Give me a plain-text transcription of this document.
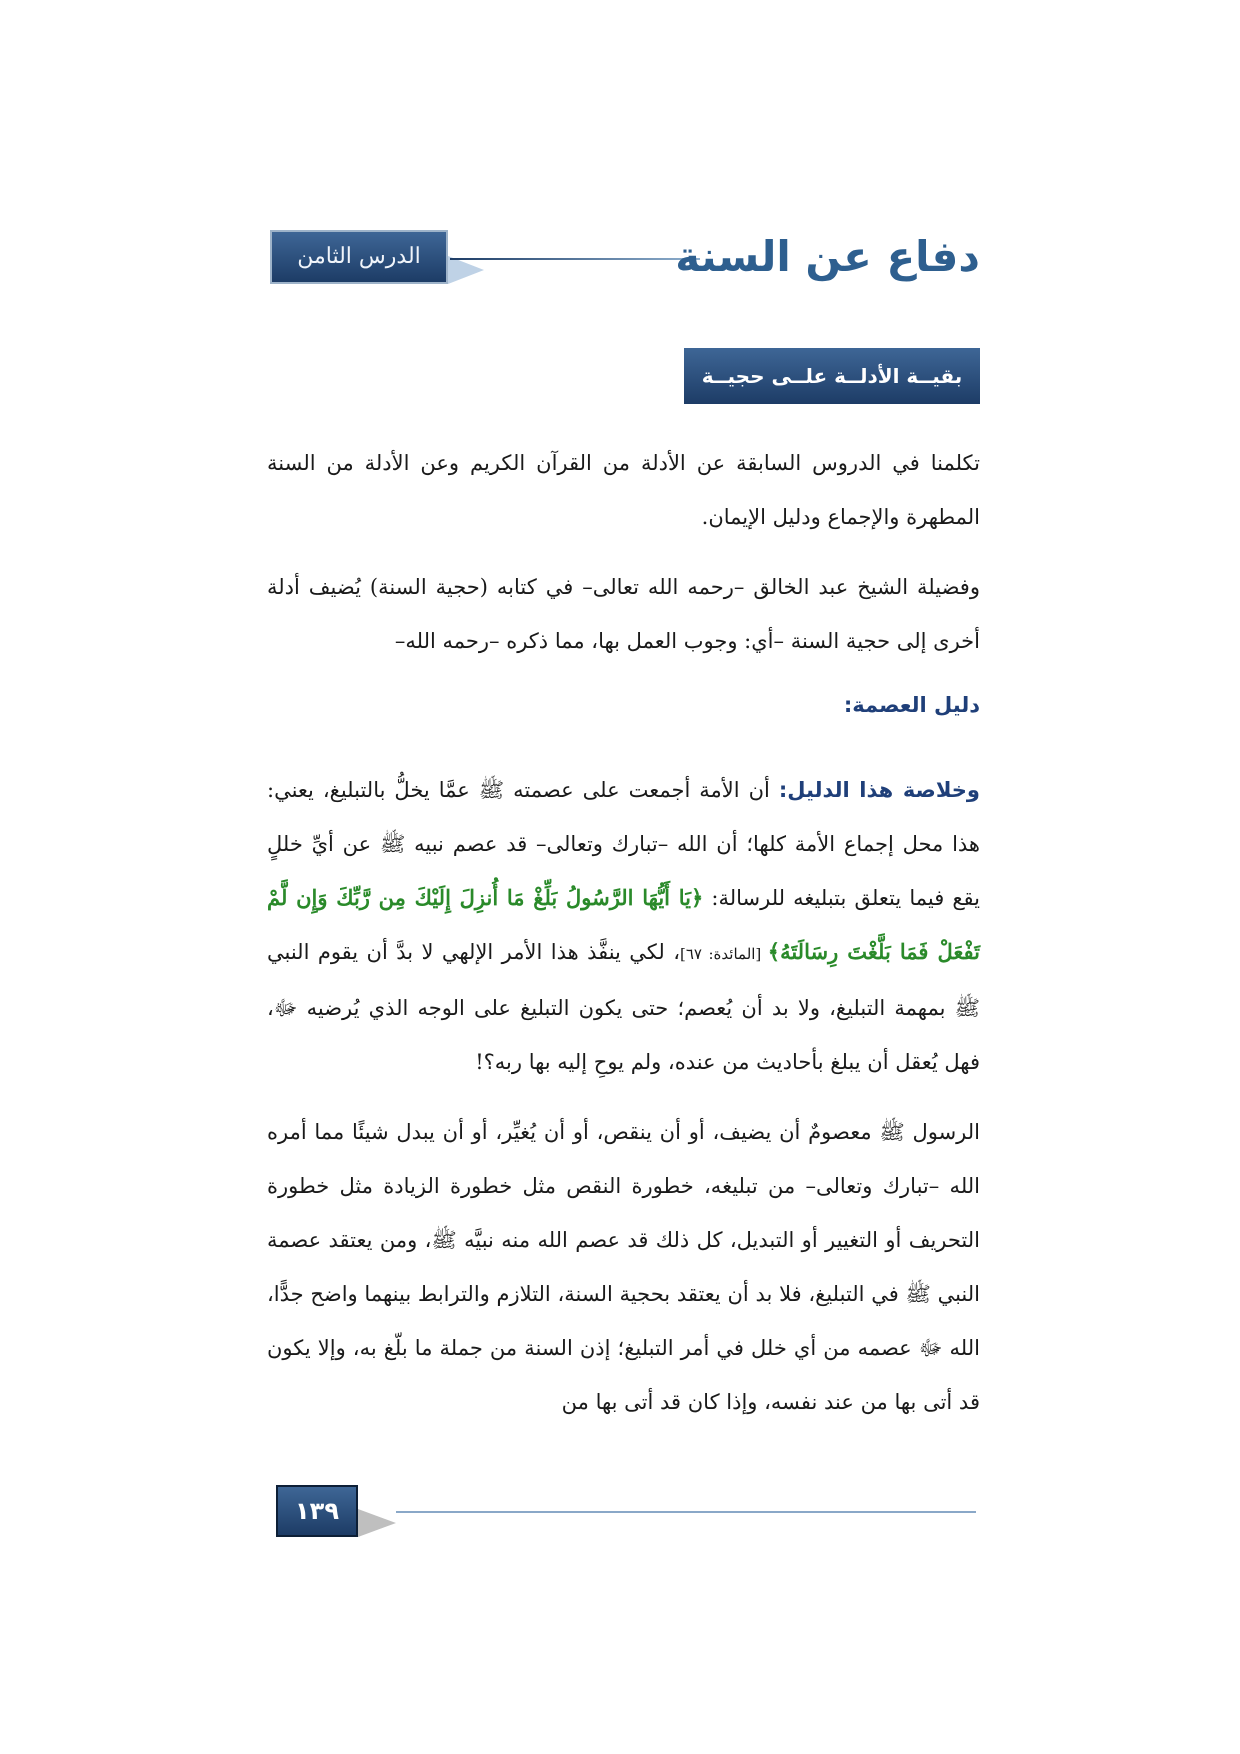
الدرس الثامن	دفاع عن السنة
بقيــة الأدلــة علــى حجيــة الـــسنة

تكلمنا في الدروس السابقة عن الأدلة من القرآن الكريم وعن الأدلة من السنة المطهرة والإجماع ودليل الإيمان.

وفضيلة الشيخ عبد الخالق –رحمه الله تعالى– في كتابه (حجية السنة) يُضيف أدلة أخرى إلى حجية السنة –أي: وجوب العمل بها، مما ذكره –رحمه الله–

دليل العصمة:

وخلاصة هذا الدليل: أن الأمة أجمعت على عصمته ﷺ عمَّا يخلُّ بالتبليغ، يعني: هذا محل إجماع الأمة كلها؛ أن الله –تبارك وتعالى– قد عصم نبيه ﷺ عن أيِّ خللٍ يقع فيما يتعلق بتبليغه للرسالة: ﴿يَا أَيُّهَا الرَّسُولُ بَلِّغْ مَا أُنزِلَ إِلَيْكَ مِن رَّبِّكَ وَإِن لَّمْ تَفْعَلْ فَمَا بَلَّغْتَ رِسَالَتَهُ﴾ [المائدة: ٦٧]، لكي ينفَّذ هذا الأمر الإلهي لا بدَّ أن يقوم النبي ﷺ بمهمة التبليغ، ولا بد أن يُعصم؛ حتى يكون التبليغ على الوجه الذي يُرضيه ﷻ، فهل يُعقل أن يبلغ بأحاديث من عنده، ولم يوحِ إليه بها ربه؟!

الرسول ﷺ معصومٌ أن يضيف، أو أن ينقص، أو أن يُغيِّر، أو أن يبدل شيئًا مما أمره الله –تبارك وتعالى– من تبليغه، خطورة النقص مثل خطورة الزيادة مثل خطورة التحريف أو التغيير أو التبديل، كل ذلك قد عصم الله منه نبيَّه ﷺ، ومن يعتقد عصمة النبي ﷺ في التبليغ، فلا بد أن يعتقد بحجية السنة، التلازم والترابط بينهما واضح جدًّا، الله ﷻ عصمه من أي خلل في أمر التبليغ؛ إذن السنة من جملة ما بلّغ به، وإلا يكون قد أتى بها من عند نفسه، وإذا كان قد أتى بها من

١٣٩
